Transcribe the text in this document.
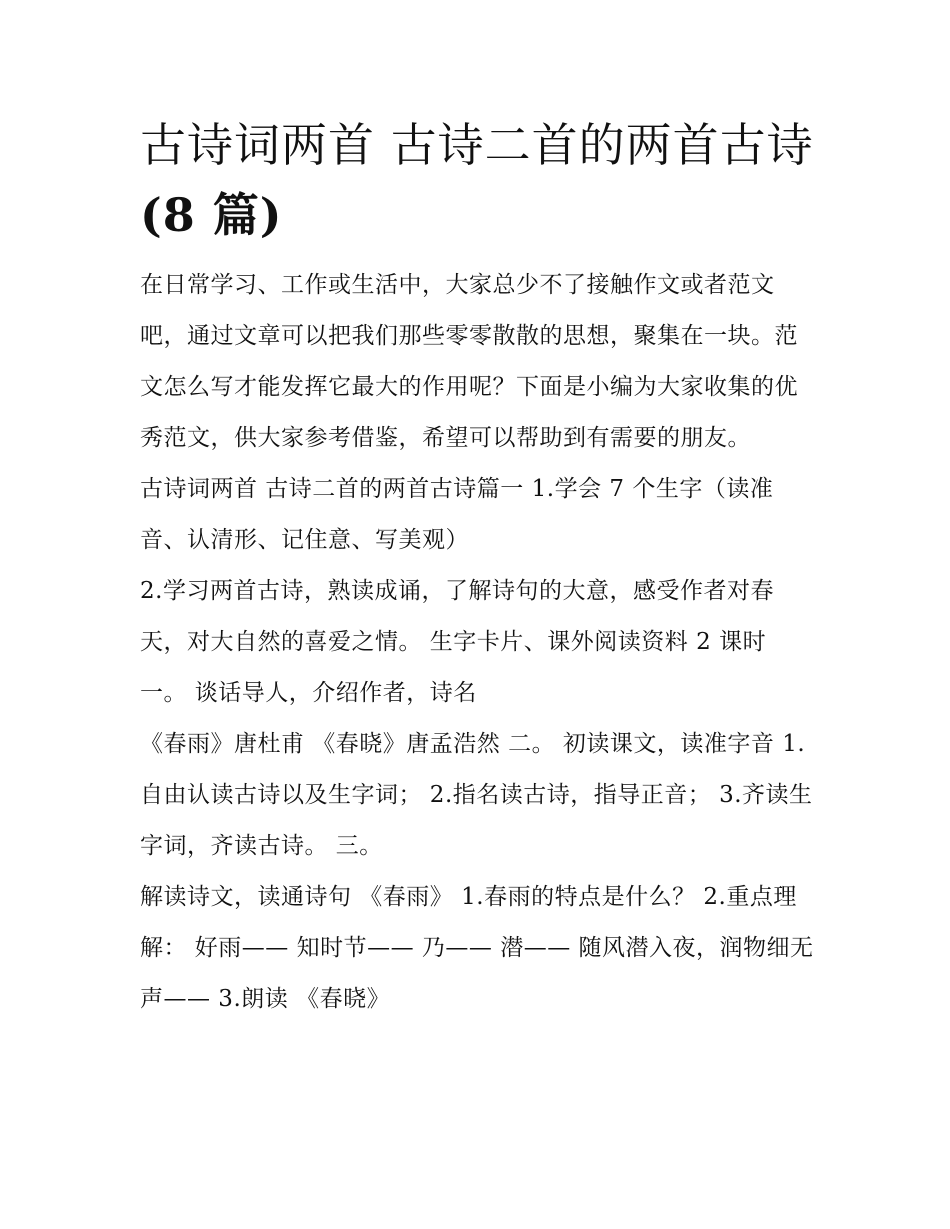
古诗词两首 古诗二首的两首古诗(8 篇)

在日常学习、工作或生活中，大家总少不了接触作文或者范文吧，通过文章可以把我们那些零零散散的思想，聚集在一块。范文怎么写才能发挥它最大的作用呢？下面是小编为大家收集的优秀范文，供大家参考借鉴，希望可以帮助到有需要的朋友。

古诗词两首 古诗二首的两首古诗篇一 1.学会 7 个生字（读准音、认清形、记住意、写美观）

2.学习两首古诗，熟读成诵，了解诗句的大意，感受作者对春天，对大自然的喜爱之情。 生字卡片、课外阅读资料 2 课时 一。 谈话导人，介绍作者，诗名

《春雨》唐杜甫 《春晓》唐孟浩然 二。 初读课文，读准字音 1.自由认读古诗以及生字词； 2.指名读古诗，指导正音； 3.齐读生字词，齐读古诗。 三。

解读诗文，读通诗句 《春雨》 1.春雨的特点是什么？ 2.重点理解： 好雨—— 知时节—— 乃—— 潜—— 随风潜入夜，润物细无声—— 3.朗读 《春晓》
